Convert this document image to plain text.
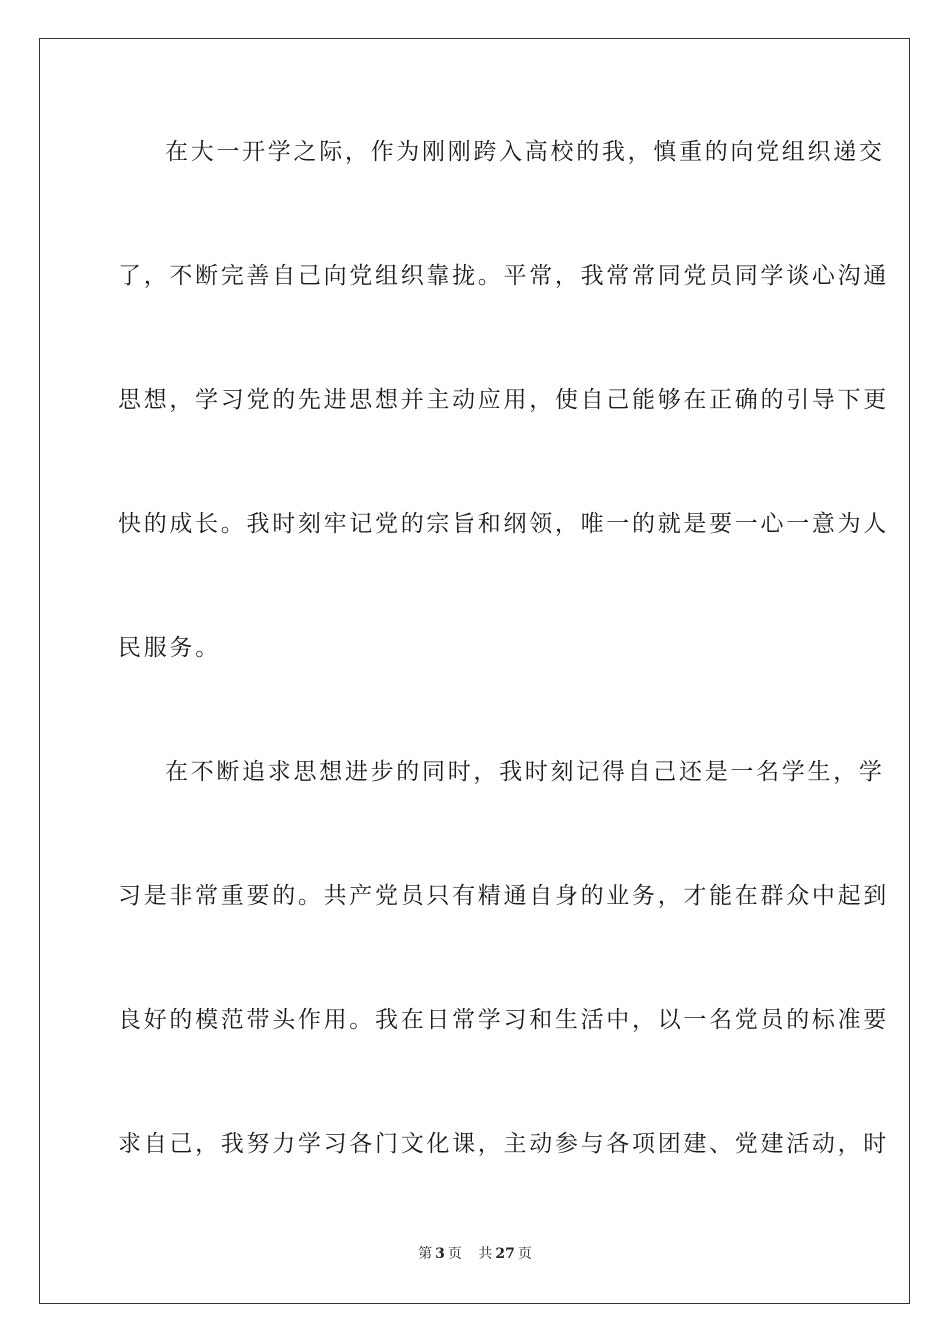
在大一开学之际，作为刚刚跨入高校的我，慎重的向党组织递交
了，不断完善自己向党组织靠拢。平常，我常常同党员同学谈心沟通
思想，学习党的先进思想并主动应用，使自己能够在正确的引导下更
快的成长。我时刻牢记党的宗旨和纲领，唯一的就是要一心一意为人
民服务。
在不断追求思想进步的同时，我时刻记得自己还是一名学生，学
习是非常重要的。共产党员只有精通自身的业务，才能在群众中起到
良好的模范带头作用。我在日常学习和生活中，以一名党员的标准要
求自己，我努力学习各门文化课，主动参与各项团建、党建活动，时
第 3 页 共 27 页
